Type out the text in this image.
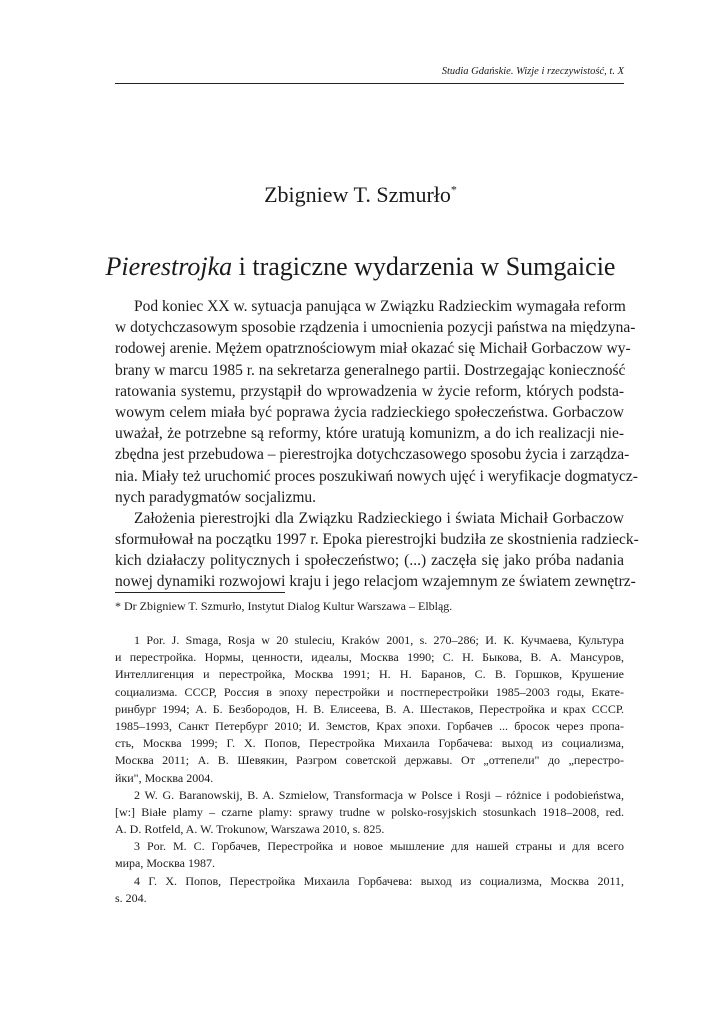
Studia Gdańskie. Wizje i rzeczywistość, t. X
Zbigniew T. Szmurło*
Pierestrojka i tragiczne wydarzenia w Sumgaicie
Pod koniec XX w. sytuacja panująca w Związku Radzieckim wymagała reform
w dotychczasowym sposobie rządzenia i umocnienia pozycji państwa na międzyna-
rodowej arenie. Mężem opatrznościowym miał okazać się Michaił Gorbaczow wy-
brany w marcu 1985 r. na sekretarza generalnego partii. Dostrzegając konieczność
ratowania systemu, przystąpił do wprowadzenia w życie reform, których podsta-
wowym celem miała być poprawa życia radzieckiego społeczeństwa. Gorbaczow
uważał, że potrzebne są reformy, które uratują komunizm, a do ich realizacji nie-
zbędna jest przebudowa – pierestrojka dotychczasowego sposobu życia i zarządza-
nia. Miały też uruchomić proces poszukiwań nowych ujęć i weryfikacje dogmatycz-
nych paradygmatów socjalizmu.
Założenia pierestrojki dla Związku Radzieckiego i świata Michaił Gorbaczow
sformułował na początku 1997 r. Epoka pierestrojki budziła ze skostnienia radzieck-
kich działaczy politycznych i społeczeństwo; (...) zaczęła się jako próba nadania
nowej dynamiki rozwojowi kraju i jego relacjom wzajemnym ze światem zewnętrz-
* Dr Zbigniew T. Szmurło, Instytut Dialog Kultur Warszawa – Elbląg.
1 Por. J. Smaga, Rosja w 20 stuleciu, Kraków 2001, s. 270–286; И. К. Кучмаева, Культура
и перестройка. Нормы, ценности, идеалы, Москва 1990; С. Н. Быкова, В. А. Мансуров,
Интеллигенция и перестройка, Москва 1991; Н. Н. Баранов, С. В. Горшков, Крушение
социализма. СССР, Россия в эпоху перестройки и постперестройки 1985–2003 годы, Екате-
ринбург 1994; А. Б. Безбородов, Н. В. Елисеева, В. А. Шестаков, Перестройка и крах СССР.
1985–1993, Санкт Петербург 2010; И. Земстов, Крах эпохи. Горбачев ... бросок через пропа-
сть, Москва 1999; Г. Х. Попов, Перестройка Михаила Горбачева: выход из социализма,
Москва 2011; А. В. Шевякин, Разгром советской державы. От „оттепели" до „перестро-
йки", Москва 2004.
2 W. G. Baranowskij, B. A. Szmielow, Transformacja w Polsce i Rosji – różnice i podobieństwa,
[w:] Białe plamy – czarne plamy: sprawy trudne w polsko-rosyjskich stosunkach 1918–2008, red.
A. D. Rotfeld, A. W. Trokunow, Warszawa 2010, s. 825.
3 Por. М. С. Горбачев, Перестройка и новое мышление для нашей страны и для всего
мира, Москва 1987.
4 Г. Х. Попов, Перестройка Михаила Горбачева: выход из социализма, Москва 2011,
s. 204.
